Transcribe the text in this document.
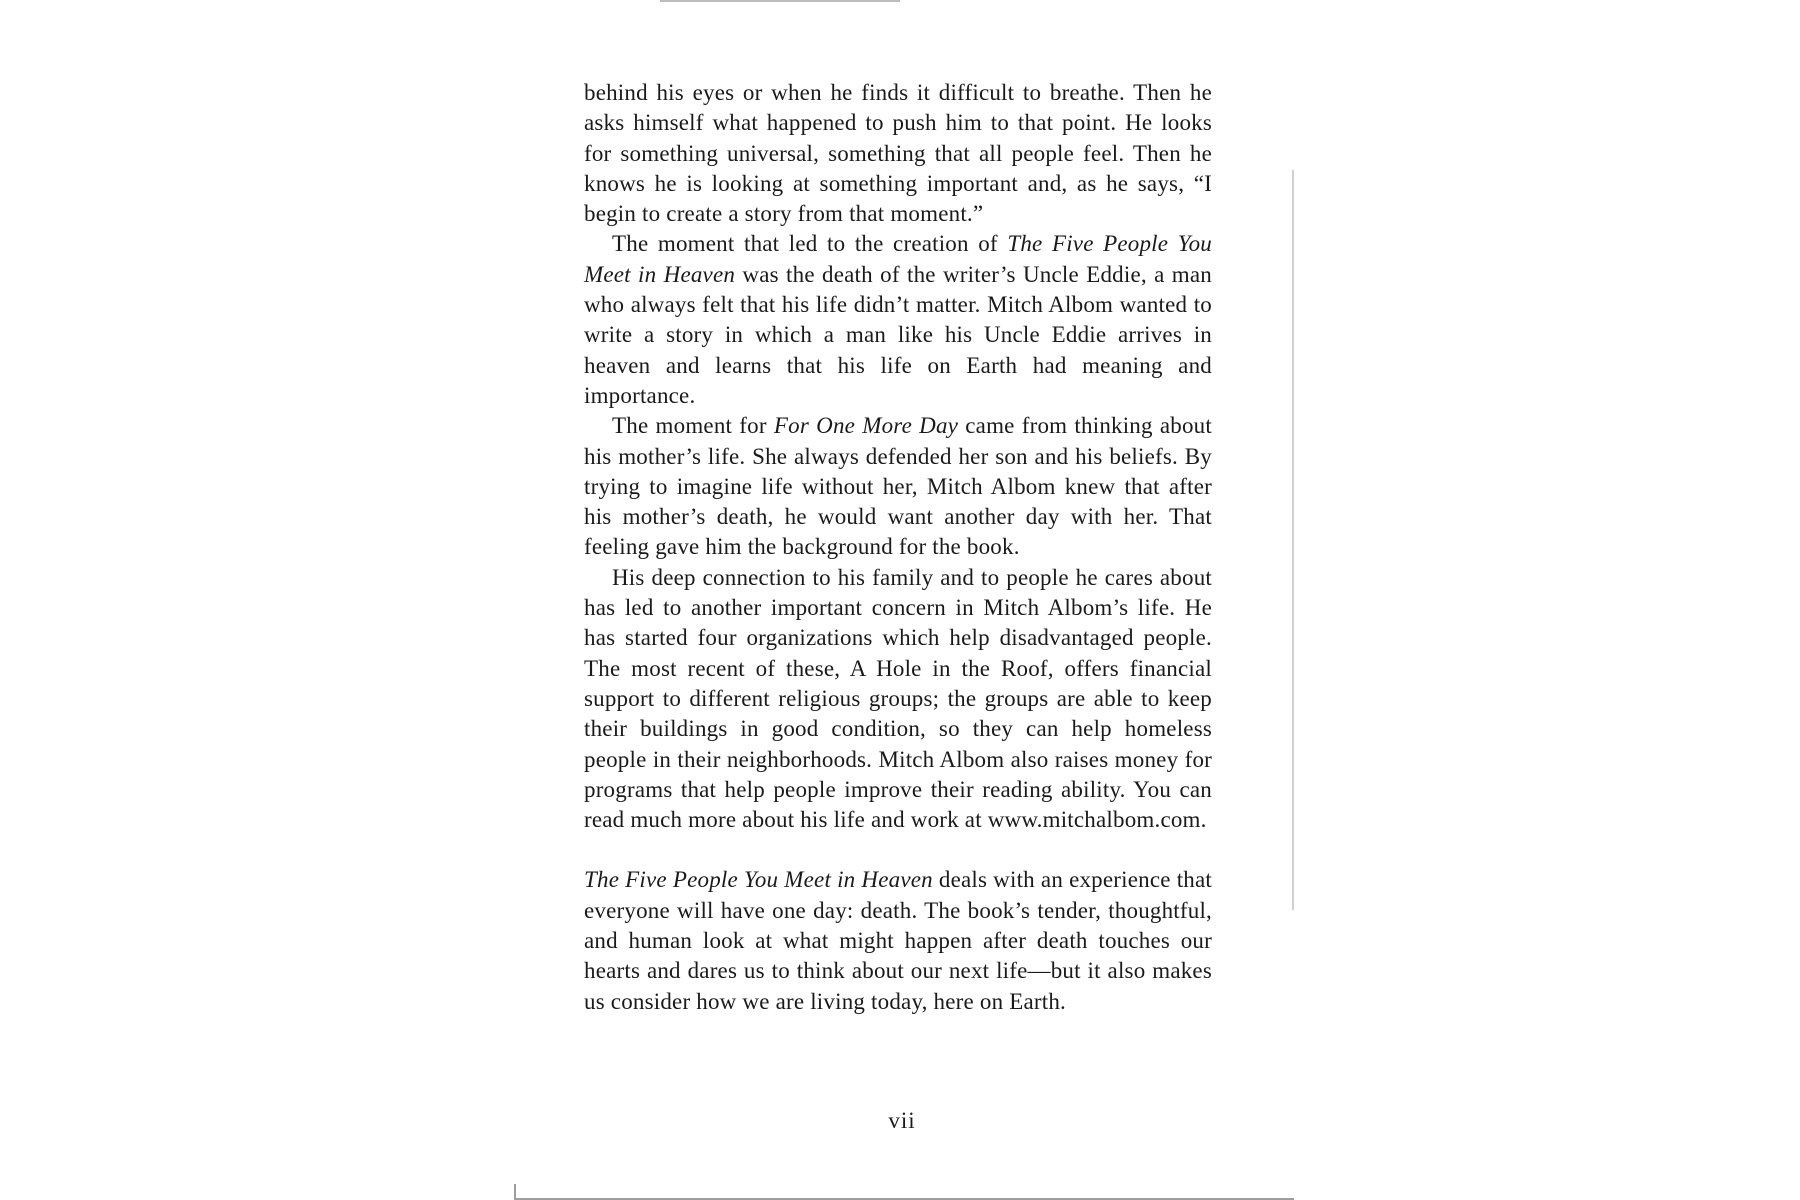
behind his eyes or when he finds it difficult to breathe. Then he asks himself what happened to push him to that point. He looks for something universal, something that all people feel. Then he knows he is looking at something important and, as he says, “I begin to create a story from that moment.”

The moment that led to the creation of The Five People You Meet in Heaven was the death of the writer’s Uncle Eddie, a man who always felt that his life didn’t matter. Mitch Albom wanted to write a story in which a man like his Uncle Eddie arrives in heaven and learns that his life on Earth had meaning and importance.

The moment for For One More Day came from thinking about his mother’s life. She always defended her son and his beliefs. By trying to imagine life without her, Mitch Albom knew that after his mother’s death, he would want another day with her. That feeling gave him the background for the book.

His deep connection to his family and to people he cares about has led to another important concern in Mitch Albom’s life. He has started four organizations which help disadvantaged people. The most recent of these, A Hole in the Roof, offers financial support to different religious groups; the groups are able to keep their buildings in good condition, so they can help homeless people in their neighborhoods. Mitch Albom also raises money for programs that help people improve their reading ability. You can read much more about his life and work at www.mitchalbom.com.

The Five People You Meet in Heaven deals with an experience that everyone will have one day: death. The book’s tender, thoughtful, and human look at what might happen after death touches our hearts and dares us to think about our next life—but it also makes us consider how we are living today, here on Earth.

vii
